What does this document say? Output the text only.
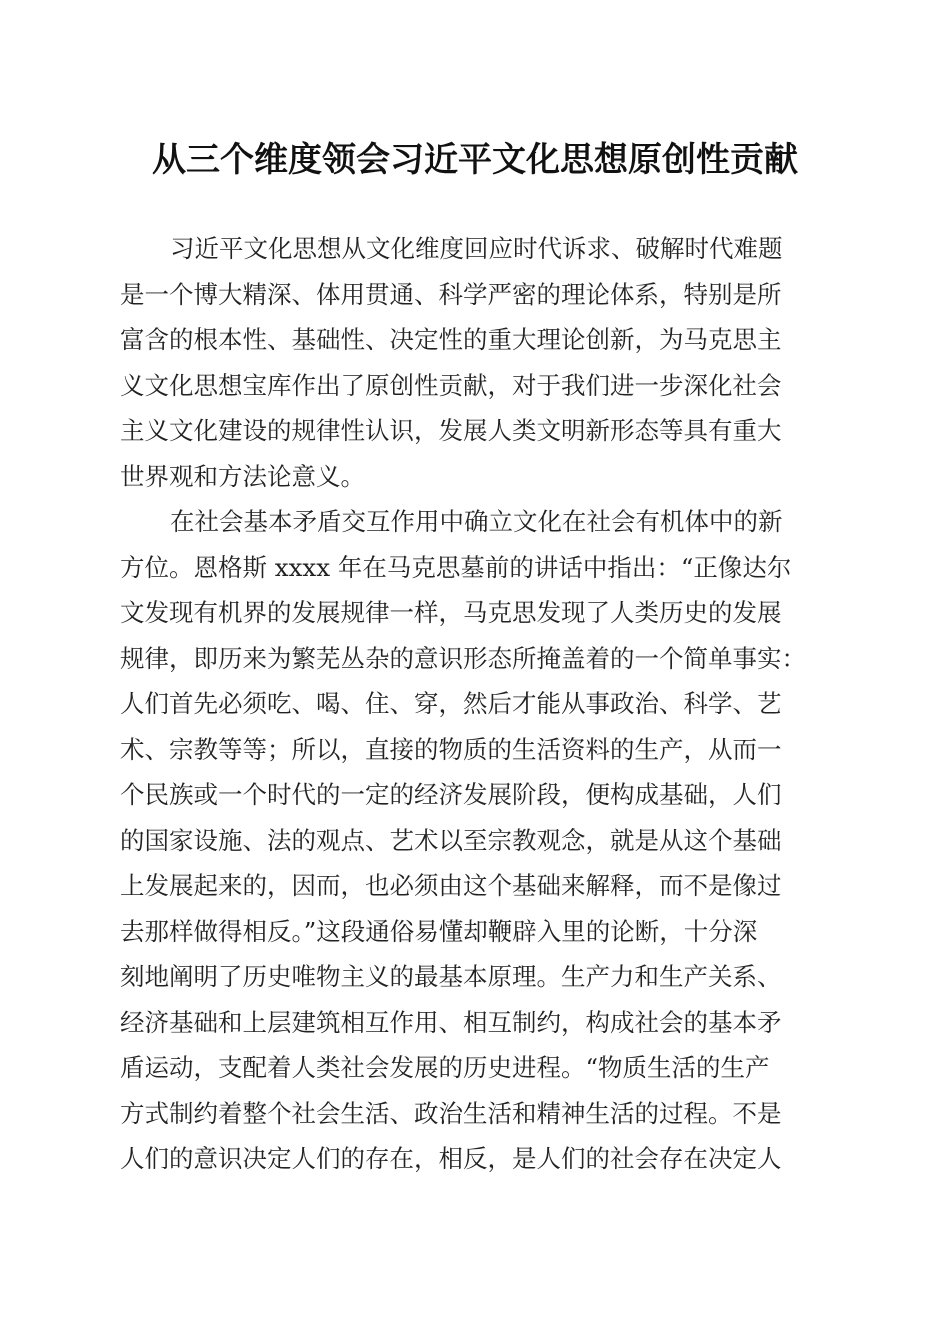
从三个维度领会习近平文化思想原创性贡献
习近平文化思想从文化维度回应时代诉求、破解时代难题
是一个博大精深、体用贯通、科学严密的理论体系，特别是所
富含的根本性、基础性、决定性的重大理论创新，为马克思主
义文化思想宝库作出了原创性贡献，对于我们进一步深化社会
主义文化建设的规律性认识，发展人类文明新形态等具有重大
世界观和方法论意义。
在社会基本矛盾交互作用中确立文化在社会有机体中的新
方位。恩格斯 xxxx 年在马克思墓前的讲话中指出：“正像达尔
文发现有机界的发展规律一样，马克思发现了人类历史的发展
规律，即历来为繁芜丛杂的意识形态所掩盖着的一个简单事实：
人们首先必须吃、喝、住、穿，然后才能从事政治、科学、艺
术、宗教等等；所以，直接的物质的生活资料的生产，从而一
个民族或一个时代的一定的经济发展阶段，便构成基础，人们
的国家设施、法的观点、艺术以至宗教观念，就是从这个基础
上发展起来的，因而，也必须由这个基础来解释，而不是像过
去那样做得相反。”这段通俗易懂却鞭辟入里的论断，十分深
刻地阐明了历史唯物主义的最基本原理。生产力和生产关系、
经济基础和上层建筑相互作用、相互制约，构成社会的基本矛
盾运动，支配着人类社会发展的历史进程。“物质生活的生产
方式制约着整个社会生活、政治生活和精神生活的过程。不是
人们的意识决定人们的存在，相反，是人们的社会存在决定人
